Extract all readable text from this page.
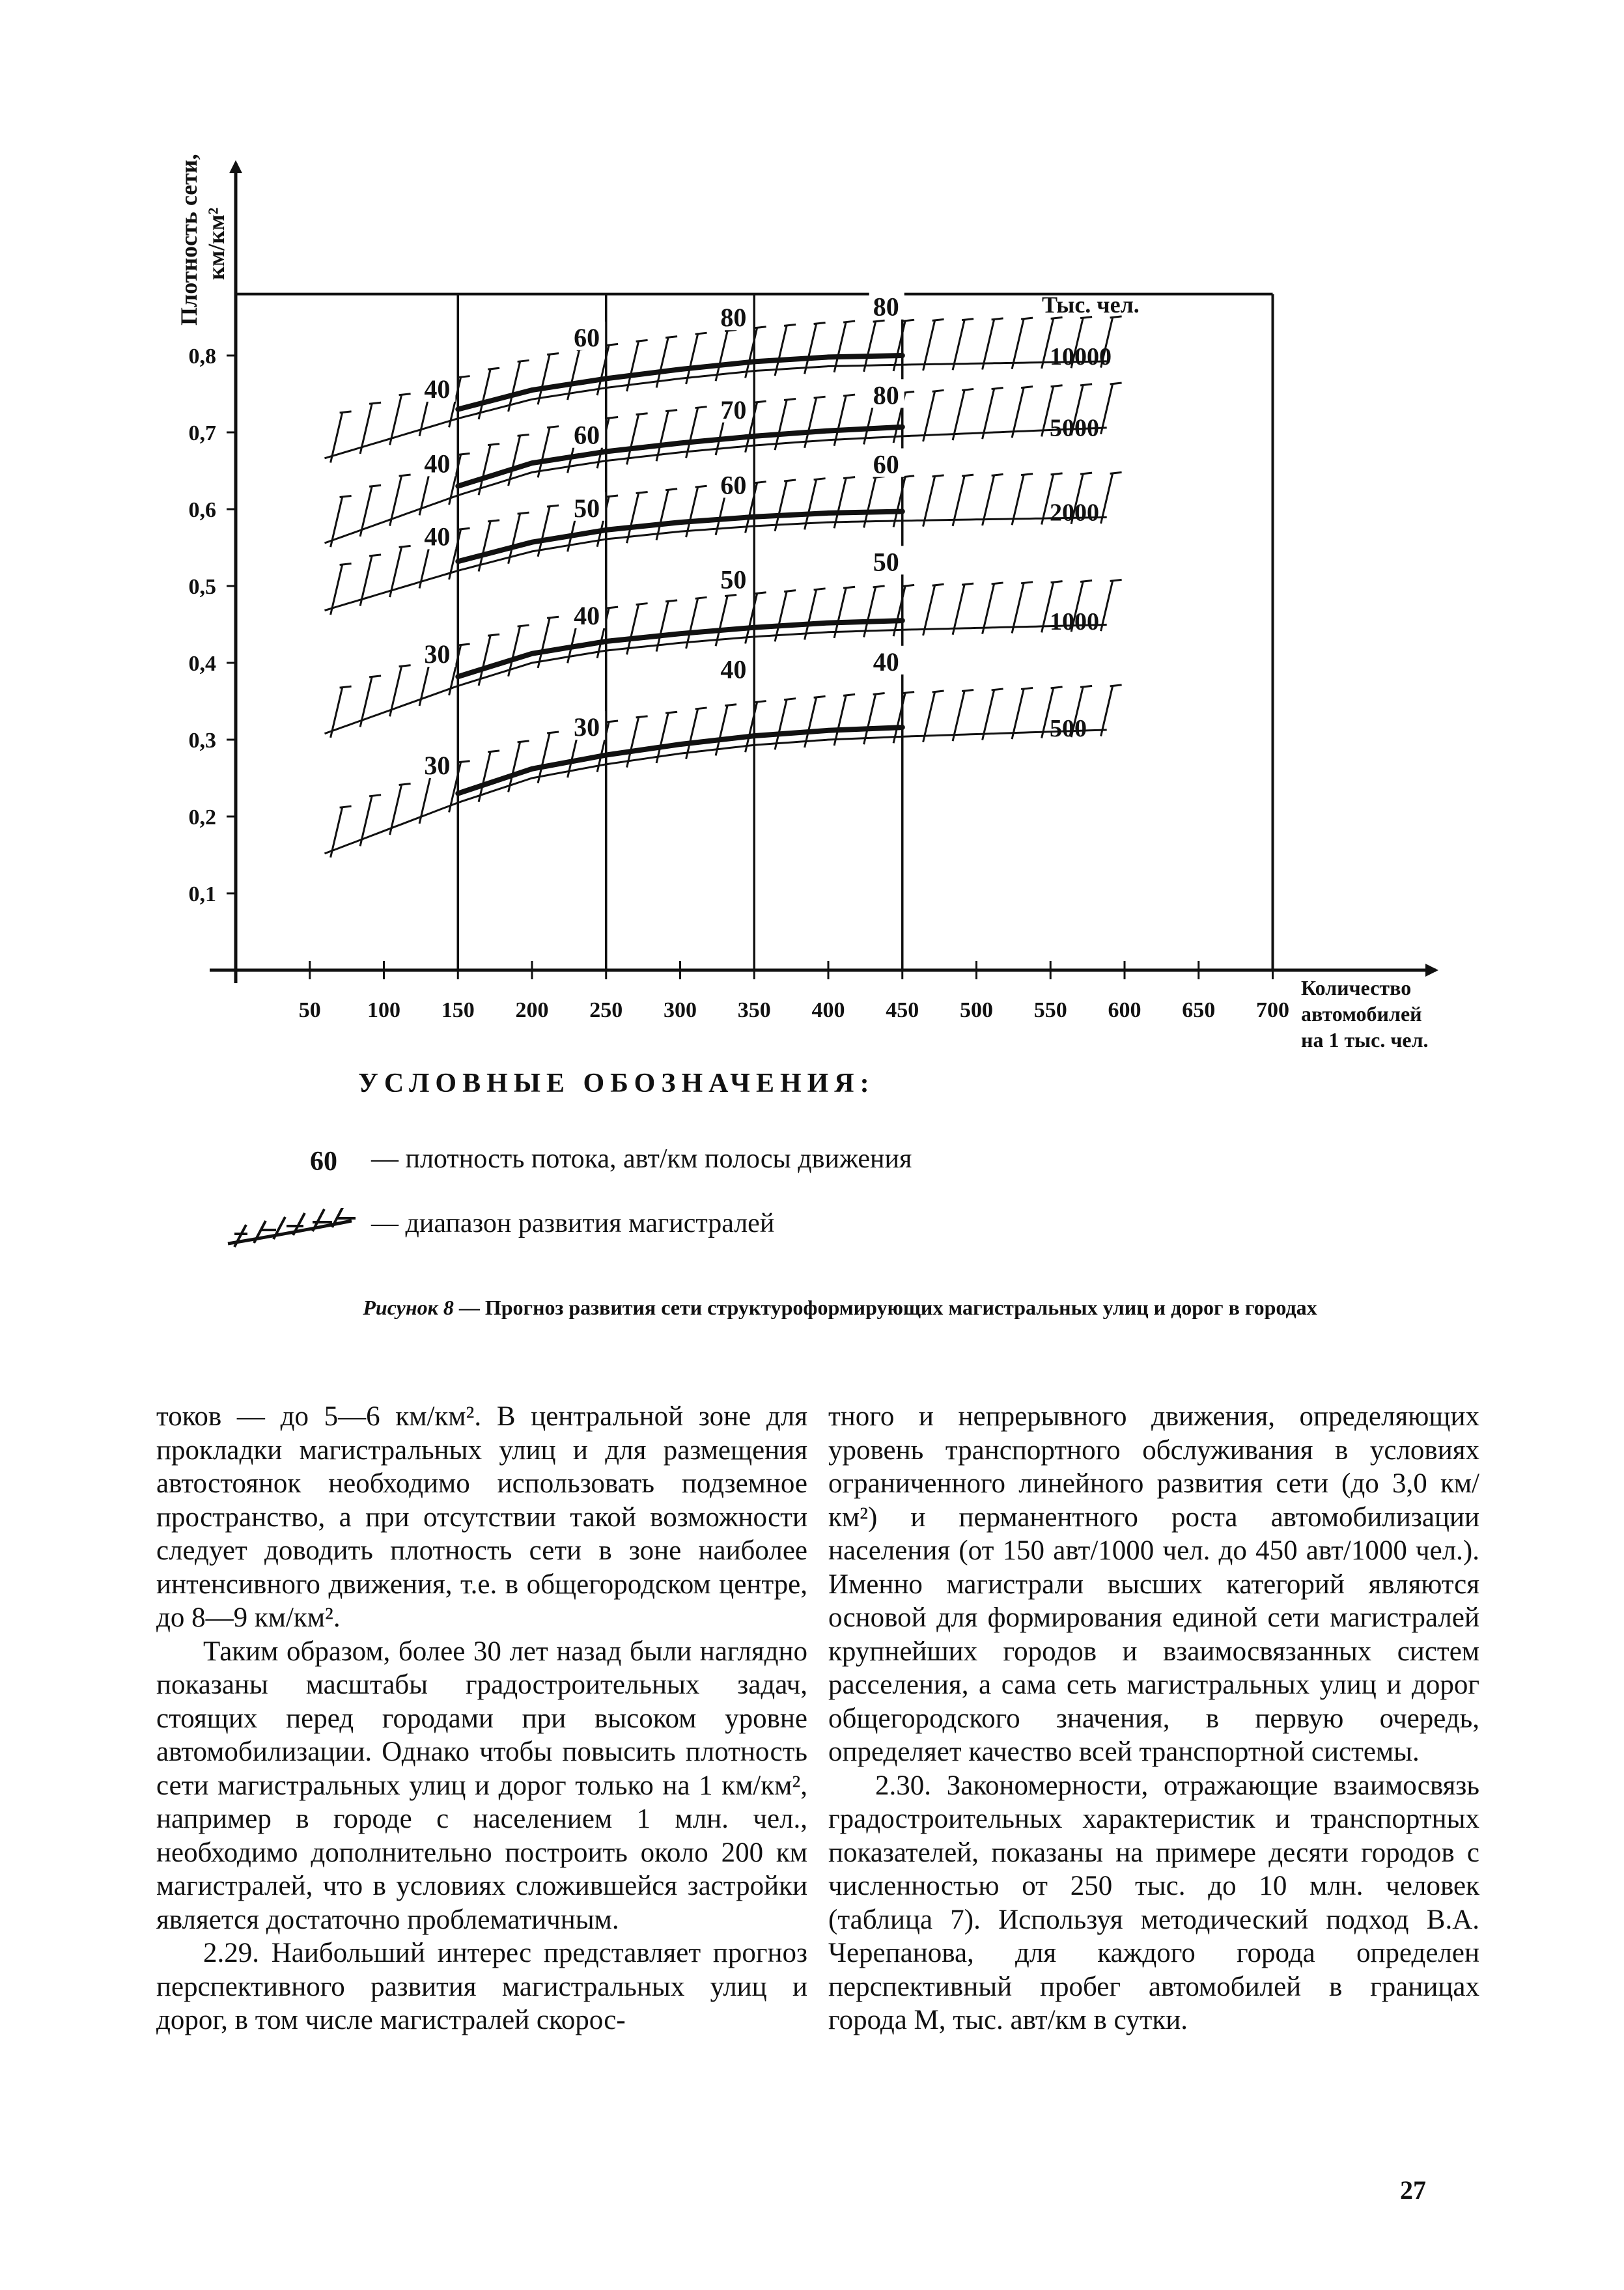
10000
5000
2000
1000
500
60
80	80
40
60
70	80
40
50
60
60
40
40
50
50
30
30
40	40
30
50 100 150 200 250 300 350 400 450 500 550 600 650 700
0,1
0,2
0,3
0,4
0,5
0,6
0,7
0,8
Плотность сети, км/км²
Количество
автомобилей
на 1 тыс. чел.
Тыс. чел.
УСЛОВНЫЕ ОБОЗНАЧЕНИЯ:
60 — плотность потока, авт/км полосы движения
— диапазон развития магистралей
Рисунок 8 — Прогноз развития сети структуроформирующих магистральных улиц и дорог в городах

токов — до 5—6 км/км². В центральной зоне для прокладки магистральных улиц и для размещения автостоянок необходимо использовать подземное пространство, а при отсутствии такой возможности следует доводить плотность сети в зоне наиболее интенсивного движения, т.е. в общегородском центре, до 8—9 км/км².

Таким образом, более 30 лет назад были наглядно показаны масштабы градостроительных задач, стоящих перед городами при высоком уровне автомобилизации. Однако чтобы повысить плотность сети магистральных улиц и дорог только на 1 км/км², например в городе с населением 1 млн. чел., необходимо дополнительно построить около 200 км магистралей, что в условиях сложившейся застройки является достаточно проблематичным.

2.29. Наибольший интерес представляет прогноз перспективного развития магистральных улиц и дорог, в том числе магистралей скорос-

тного и непрерывного движения, определяющих уровень транспортного обслуживания в условиях ограниченного линейного развития сети (до 3,0 км/км²) и перманентного роста автомобилизации населения (от 150 авт/1000 чел. до 450 авт/1000 чел.). Именно магистрали высших категорий являются основой для формирования единой сети магистралей крупнейших городов и взаимосвязанных систем расселения, а сама сеть магистральных улиц и дорог общегородского значения, в первую очередь, определяет качество всей транспортной системы.

2.30. Закономерности, отражающие взаимосвязь градостроительных характеристик и транспортных показателей, показаны на примере десяти городов с численностью от 250 тыс. до 10 млн. человек (таблица 7). Используя методический подход В.А. Черепанова, для каждого города определен перспективный пробег автомобилей в границах города М, тыс. авт/км в сутки.

27
